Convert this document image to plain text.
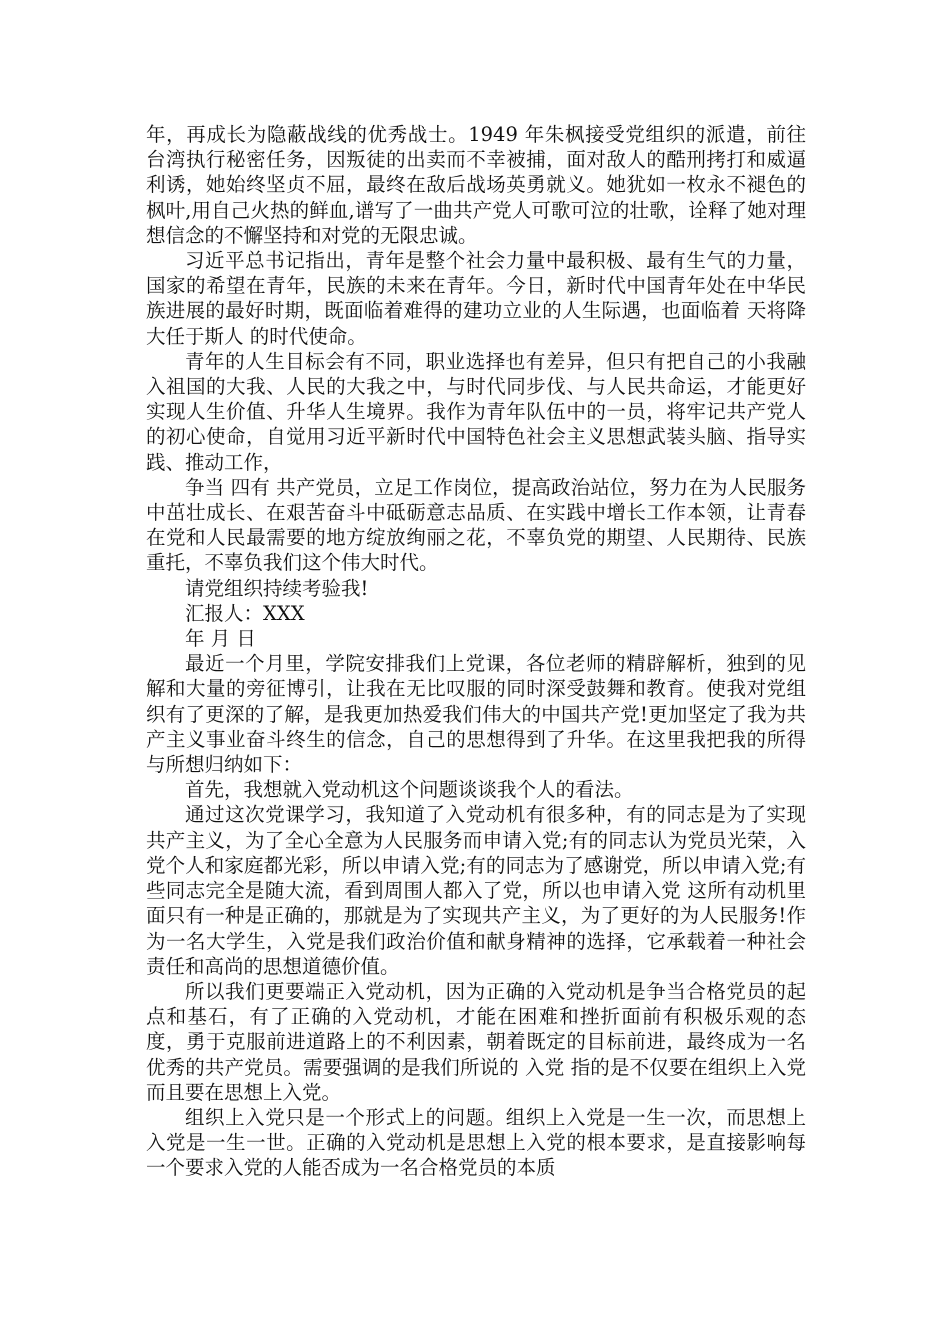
年，再成长为隐蔽战线的优秀战士。1949 年朱枫接受党组织的派遣，前往台湾执行秘密任务，因叛徒的出卖而不幸被捕，面对敌人的酷刑拷打和威逼利诱，她始终坚贞不屈，最终在敌后战场英勇就义。她犹如一枚永不褪色的枫叶,用自己火热的鲜血,谱写了一曲共产党人可歌可泣的壮歌，诠释了她对理想信念的不懈坚持和对党的无限忠诚。

习近平总书记指出，青年是整个社会力量中最积极、最有生气的力量，国家的希望在青年，民族的未来在青年。今日，新时代中国青年处在中华民族进展的最好时期，既面临着难得的建功立业的人生际遇，也面临着 天将降大任于斯人 的时代使命。

青年的人生目标会有不同，职业选择也有差异，但只有把自己的小我融入祖国的大我、人民的大我之中，与时代同步伐、与人民共命运，才能更好实现人生价值、升华人生境界。我作为青年队伍中的一员，将牢记共产党人的初心使命，自觉用习近平新时代中国特色社会主义思想武装头脑、指导实践、推动工作，

争当 四有 共产党员，立足工作岗位，提高政治站位，努力在为人民服务中茁壮成长、在艰苦奋斗中砥砺意志品质、在实践中增长工作本领，让青春在党和人民最需要的地方绽放绚丽之花，不辜负党的期望、人民期待、民族重托，不辜负我们这个伟大时代。

请党组织持续考验我!

汇报人：XXX

年 月 日

最近一个月里，学院安排我们上党课，各位老师的精辟解析，独到的见解和大量的旁征博引，让我在无比叹服的同时深受鼓舞和教育。使我对党组织有了更深的了解，是我更加热爱我们伟大的中国共产党!更加坚定了我为共产主义事业奋斗终生的信念，自己的思想得到了升华。在这里我把我的所得与所想归纳如下：

首先，我想就入党动机这个问题谈谈我个人的看法。

通过这次党课学习，我知道了入党动机有很多种，有的同志是为了实现共产主义，为了全心全意为人民服务而申请入党;有的同志认为党员光荣，入党个人和家庭都光彩，所以申请入党;有的同志为了感谢党，所以申请入党;有些同志完全是随大流，看到周围人都入了党，所以也申请入党 这所有动机里面只有一种是正确的，那就是为了实现共产主义，为了更好的为人民服务!作为一名大学生，入党是我们政治价值和献身精神的选择，它承载着一种社会责任和高尚的思想道德价值。

所以我们更要端正入党动机，因为正确的入党动机是争当合格党员的起点和基石，有了正确的入党动机，才能在困难和挫折面前有积极乐观的态度，勇于克服前进道路上的不利因素，朝着既定的目标前进，最终成为一名优秀的共产党员。需要强调的是我们所说的 入党 指的是不仅要在组织上入党而且要在思想上入党。

组织上入党只是一个形式上的问题。组织上入党是一生一次，而思想上入党是一生一世。正确的入党动机是思想上入党的根本要求，是直接影响每一个要求入党的人能否成为一名合格党员的本质
